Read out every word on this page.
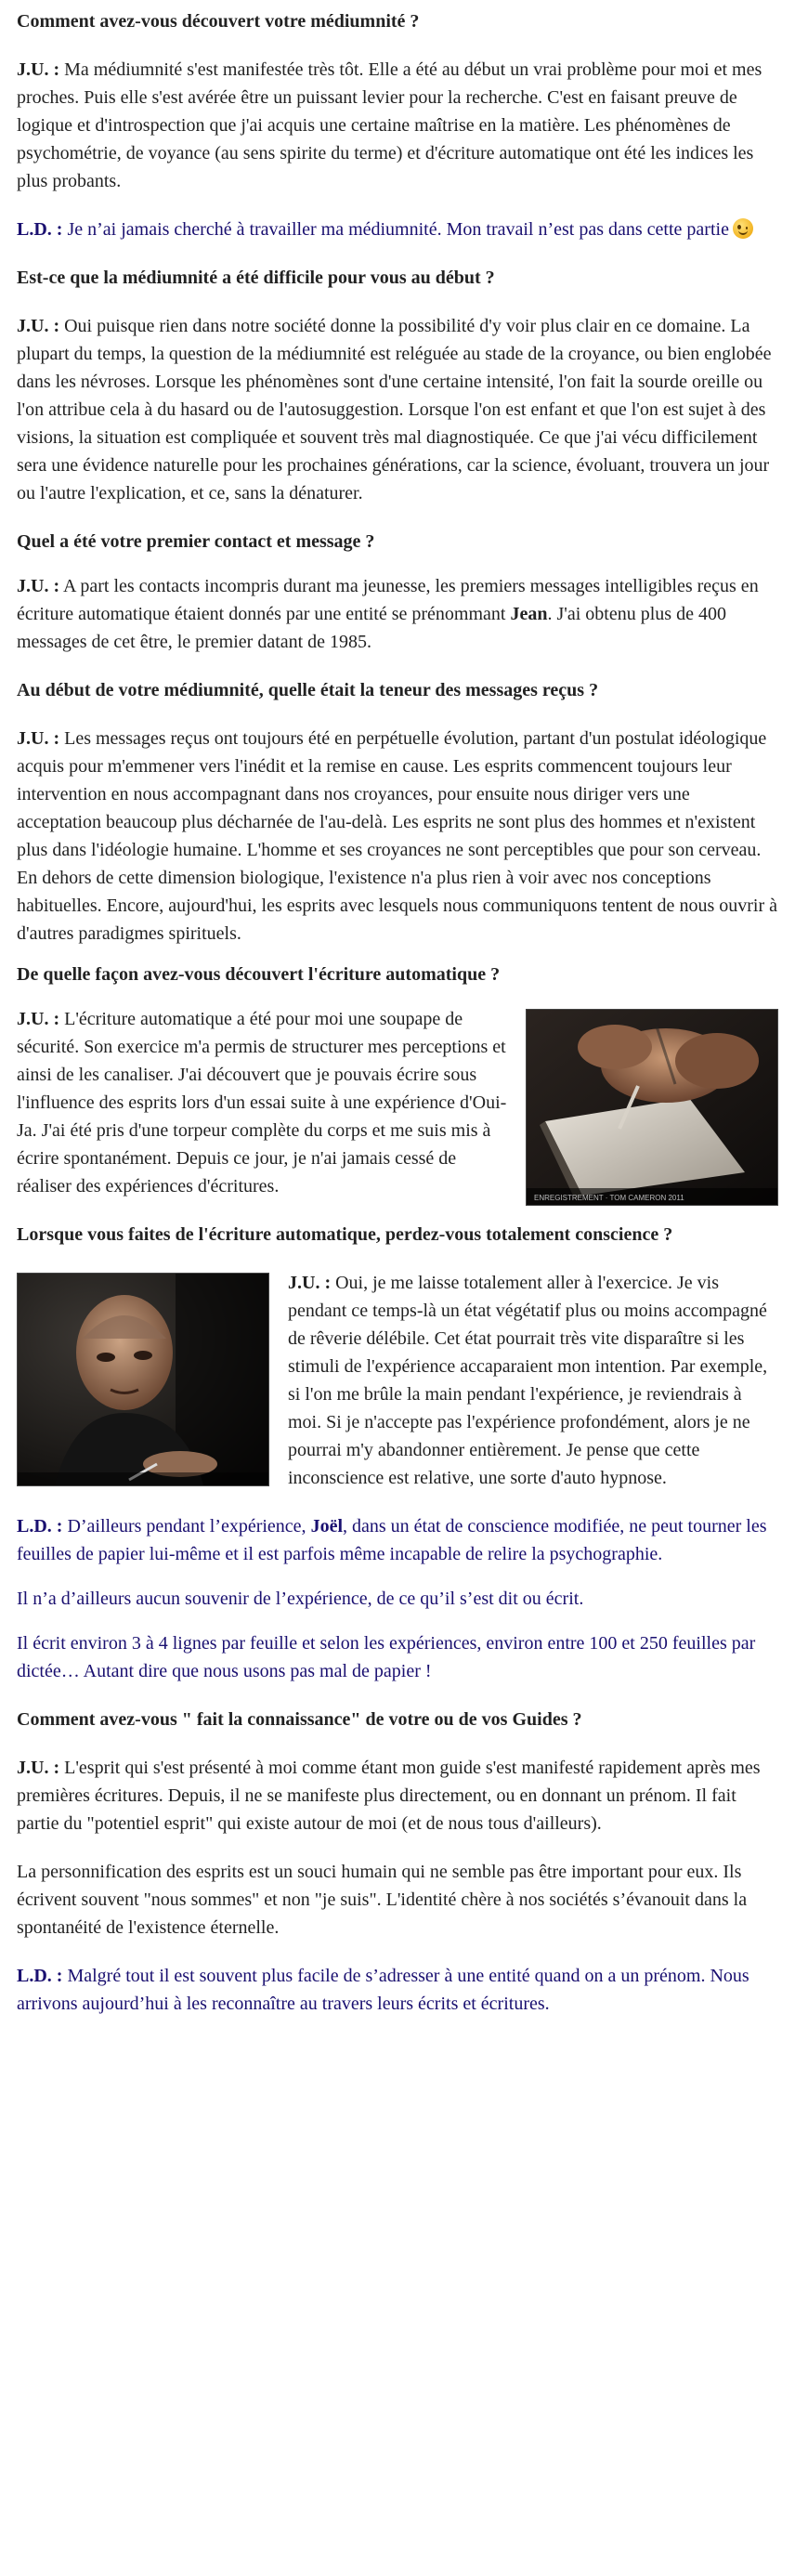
Comment avez-vous découvert votre médiumnité ?

J.U. : Ma médiumnité s'est manifestée très tôt. Elle a été au début un vrai problème pour moi et mes proches. Puis elle s'est avérée être un puissant levier pour la recherche. C'est en faisant preuve de logique et d'introspection que j'ai acquis une certaine maîtrise en la matière. Les phénomènes de psychométrie, de voyance (au sens spirite du terme) et d'écriture automatique ont été les indices les plus probants.

L.D. : Je n’ai jamais cherché à travailler ma médiumnité. Mon travail n’est pas dans cette partie

Est-ce que la médiumnité a été difficile pour vous au début ?

J.U. : Oui puisque rien dans notre société donne la possibilité d'y voir plus clair en ce domaine. La plupart du temps, la question de la médiumnité est reléguée au stade de la croyance, ou bien englobée dans les névroses. Lorsque les phénomènes sont d'une certaine intensité, l'on fait la sourde oreille ou l'on attribue cela à du hasard ou de l'autosuggestion. Lorsque l'on est enfant et que l'on est sujet à des visions, la situation est compliquée et souvent très mal diagnostiquée. Ce que j'ai vécu difficilement sera une évidence naturelle pour les prochaines générations, car la science, évoluant, trouvera un jour ou l'autre l'explication, et ce, sans la dénaturer.

Quel a été votre premier contact et message ?

J.U. : A part les contacts incompris durant ma jeunesse, les premiers messages intelligibles reçus en écriture automatique étaient donnés par une entité se prénommant Jean. J'ai obtenu plus de 400 messages de cet être, le premier datant de 1985.

Au début de votre médiumnité, quelle était la teneur des messages reçus ?

J.U. : Les messages reçus ont toujours été en perpétuelle évolution, partant d'un postulat idéologique acquis pour m'emmener vers l'inédit et la remise en cause. Les esprits commencent toujours leur intervention en nous accompagnant dans nos croyances, pour ensuite nous diriger vers une acceptation beaucoup plus décharnée de l'au-delà. Les esprits ne sont plus des hommes et n'existent plus dans l'idéologie humaine. L'homme et ses croyances ne sont perceptibles que pour son cerveau. En dehors de cette dimension biologique, l'existence n'a plus rien à voir avec nos conceptions habituelles. Encore, aujourd'hui, les esprits avec lesquels nous communiquons tentent de nous ouvrir à d'autres paradigmes spirituels.

De quelle façon avez-vous découvert l'écriture automatique ?
ENREGISTREMENT · TOM CAMERON 2011

J.U. : L'écriture automatique a été pour moi une soupape de sécurité. Son exercice m'a permis de structurer mes perceptions et ainsi de les canaliser. J'ai découvert que je pouvais écrire sous l'influence des esprits lors d'un essai suite à une expérience d'Oui-Ja. J'ai été pris d'une torpeur complète du corps et me suis mis à écrire spontanément. Depuis ce jour, je n'ai jamais cessé de réaliser des expériences d'écritures.

Lorsque vous faites de l'écriture automatique, perdez-vous totalement conscience ?

J.U. : Oui, je me laisse totalement aller à l'exercice. Je vis pendant ce temps-là un état végétatif plus ou moins accompagné de rêverie délébile. Cet état pourrait très vite disparaître si les stimuli de l'expérience accaparaient mon intention. Par exemple, si l'on me brûle la main pendant l'expérience, je reviendrais à moi. Si je n'accepte pas l'expérience profondément, alors je ne pourrai m'y abandonner entièrement. Je pense que cette inconscience est relative, une sorte d'auto hypnose.

L.D. : D’ailleurs pendant l’expérience, Joël, dans un état de conscience modifiée, ne peut tourner les feuilles de papier lui-même et il est parfois même incapable de relire la psychographie.

Il n’a d’ailleurs aucun souvenir de l’expérience, de ce qu’il s’est dit ou écrit.

Il écrit environ 3 à 4 lignes par feuille et selon les expériences, environ entre 100 et 250 feuilles par dictée… Autant dire que nous usons pas mal de papier !

Comment avez-vous " fait la connaissance" de votre ou de vos Guides ?

J.U. : L'esprit qui s'est présenté à moi comme étant mon guide s'est manifesté rapidement après mes premières écritures. Depuis, il ne se manifeste plus directement, ou en donnant un prénom. Il fait partie du "potentiel esprit" qui existe autour de moi (et de nous tous d'ailleurs).

La personnification des esprits est un souci humain qui ne semble pas être important pour eux. Ils écrivent souvent "nous sommes" et non "je suis". L'identité chère à nos sociétés s’évanouit dans la spontanéité de l'existence éternelle.

L.D. : Malgré tout il est souvent plus facile de s’adresser à une entité quand on a un prénom. Nous arrivons aujourd’hui à les reconnaître au travers leurs écrits et écritures.
